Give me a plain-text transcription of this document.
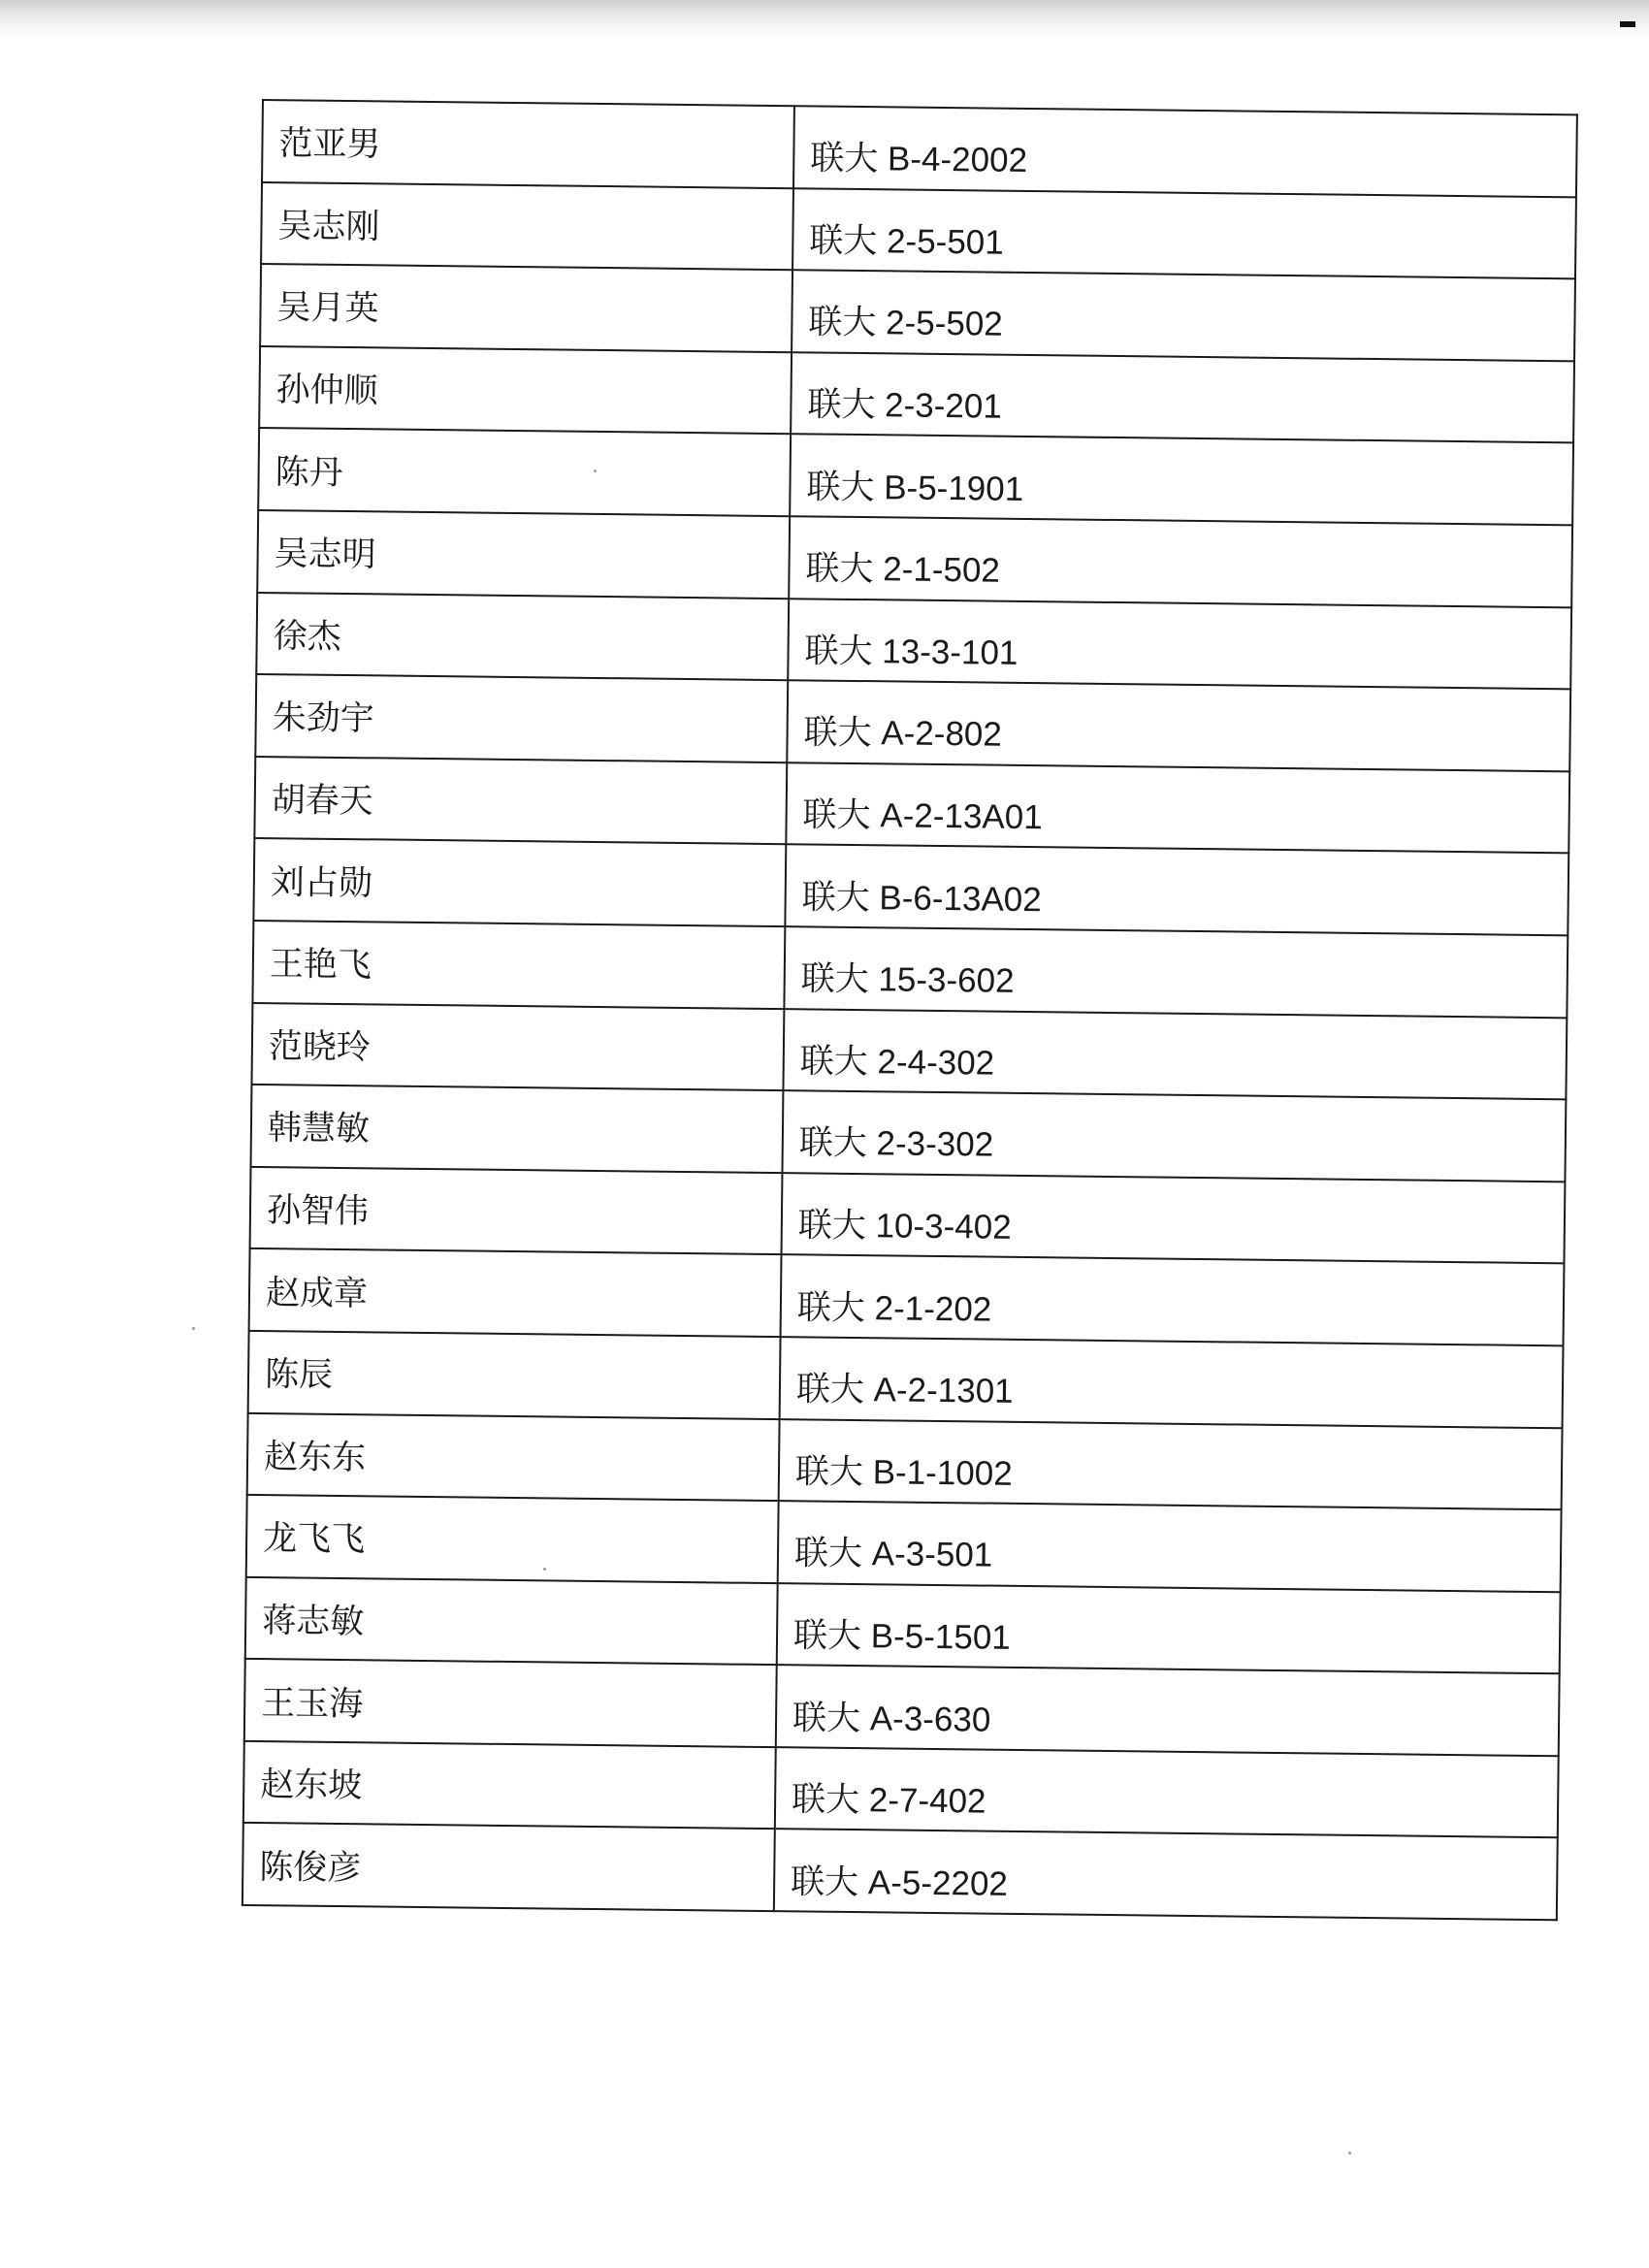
范亚男	联大 B-4-2002
吴志刚	联大 2-5-501
吴月英	联大 2-5-502
孙仲顺	联大 2-3-201
陈丹	联大 B-5-1901
吴志明	联大 2-1-502
徐杰	联大 13-3-101
朱劲宇	联大 A-2-802
胡春天	联大 A-2-13A01
刘占勋	联大 B-6-13A02
王艳飞	联大 15-3-602
范晓玲	联大 2-4-302
韩慧敏	联大 2-3-302
孙智伟	联大 10-3-402
赵成章	联大 2-1-202
陈辰	联大 A-2-1301
赵东东	联大 B-1-1002
龙飞飞	联大 A-3-501
蒋志敏	联大 B-5-1501
王玉海	联大 A-3-630
赵东坡	联大 2-7-402
陈俊彦	联大 A-5-2202
